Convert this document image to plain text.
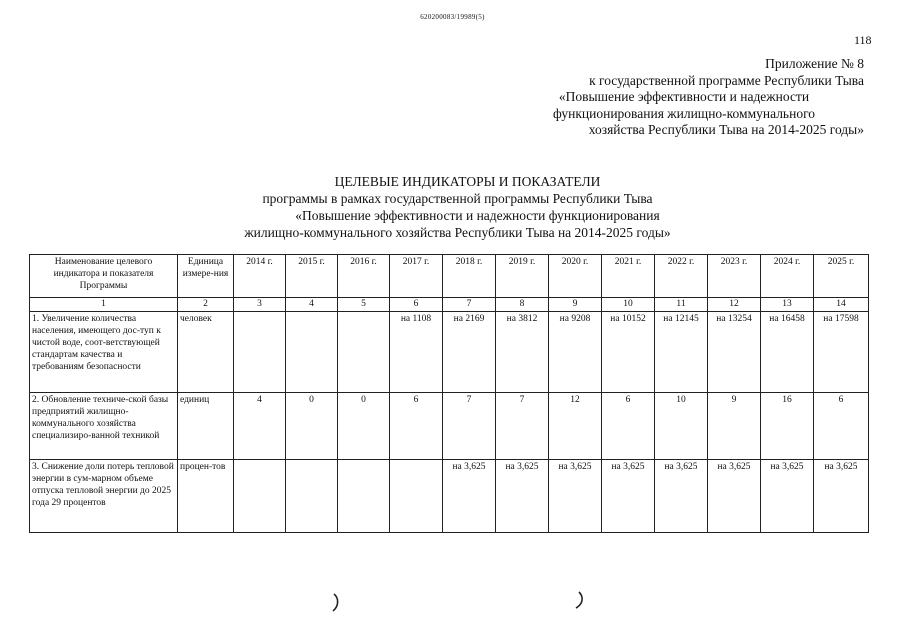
620200083/19989(5)
118
Приложение № 8
к государственной программе Республики Тыва
«Повышение эффективности и надежности
функционирования жилищно-коммунального
хозяйства Республики Тыва на 2014-2025 годы»
ЦЕЛЕВЫЕ ИНДИКАТОРЫ И ПОКАЗАТЕЛИ
программы в рамках государственной программы Республики Тыва
«Повышение эффективности и надежности функционирования
жилищно-коммунального хозяйства Республики Тыва на 2014-2025 годы»
Наименование целевого индикатора и показателя Программы	Единица измере-ния	2014 г.	2015 г.	2016 г.	2017 г.	2018 г.	2019 г.	2020 г.	2021 г.	2022 г.	2023 г.	2024 г.	2025 г.
1	2	3	4	5	6	7	8	9	10	11	12	13	14
1. Увеличение количества населения, имеющего дос-туп к чистой воде, соот-ветствующей стандартам качества и требованиям безопасности	человек				на 1108	на 2169	на 3812	на 9208	на 10152	на 12145	на 13254	на 16458	на 17598
2. Обновление техниче-ской базы предприятий жилищно-коммунального хозяйства специализиро-ванной техникой	единиц	4	0	0	6	7	7	12	6	10	9	16	6
3. Снижение доли потерь тепловой энергии в сум-марном объеме отпуска тепловой энергии до 2025 года 29 процентов	процен-тов					на 3,625	на 3,625	на 3,625	на 3,625	на 3,625	на 3,625	на 3,625	на 3,625
